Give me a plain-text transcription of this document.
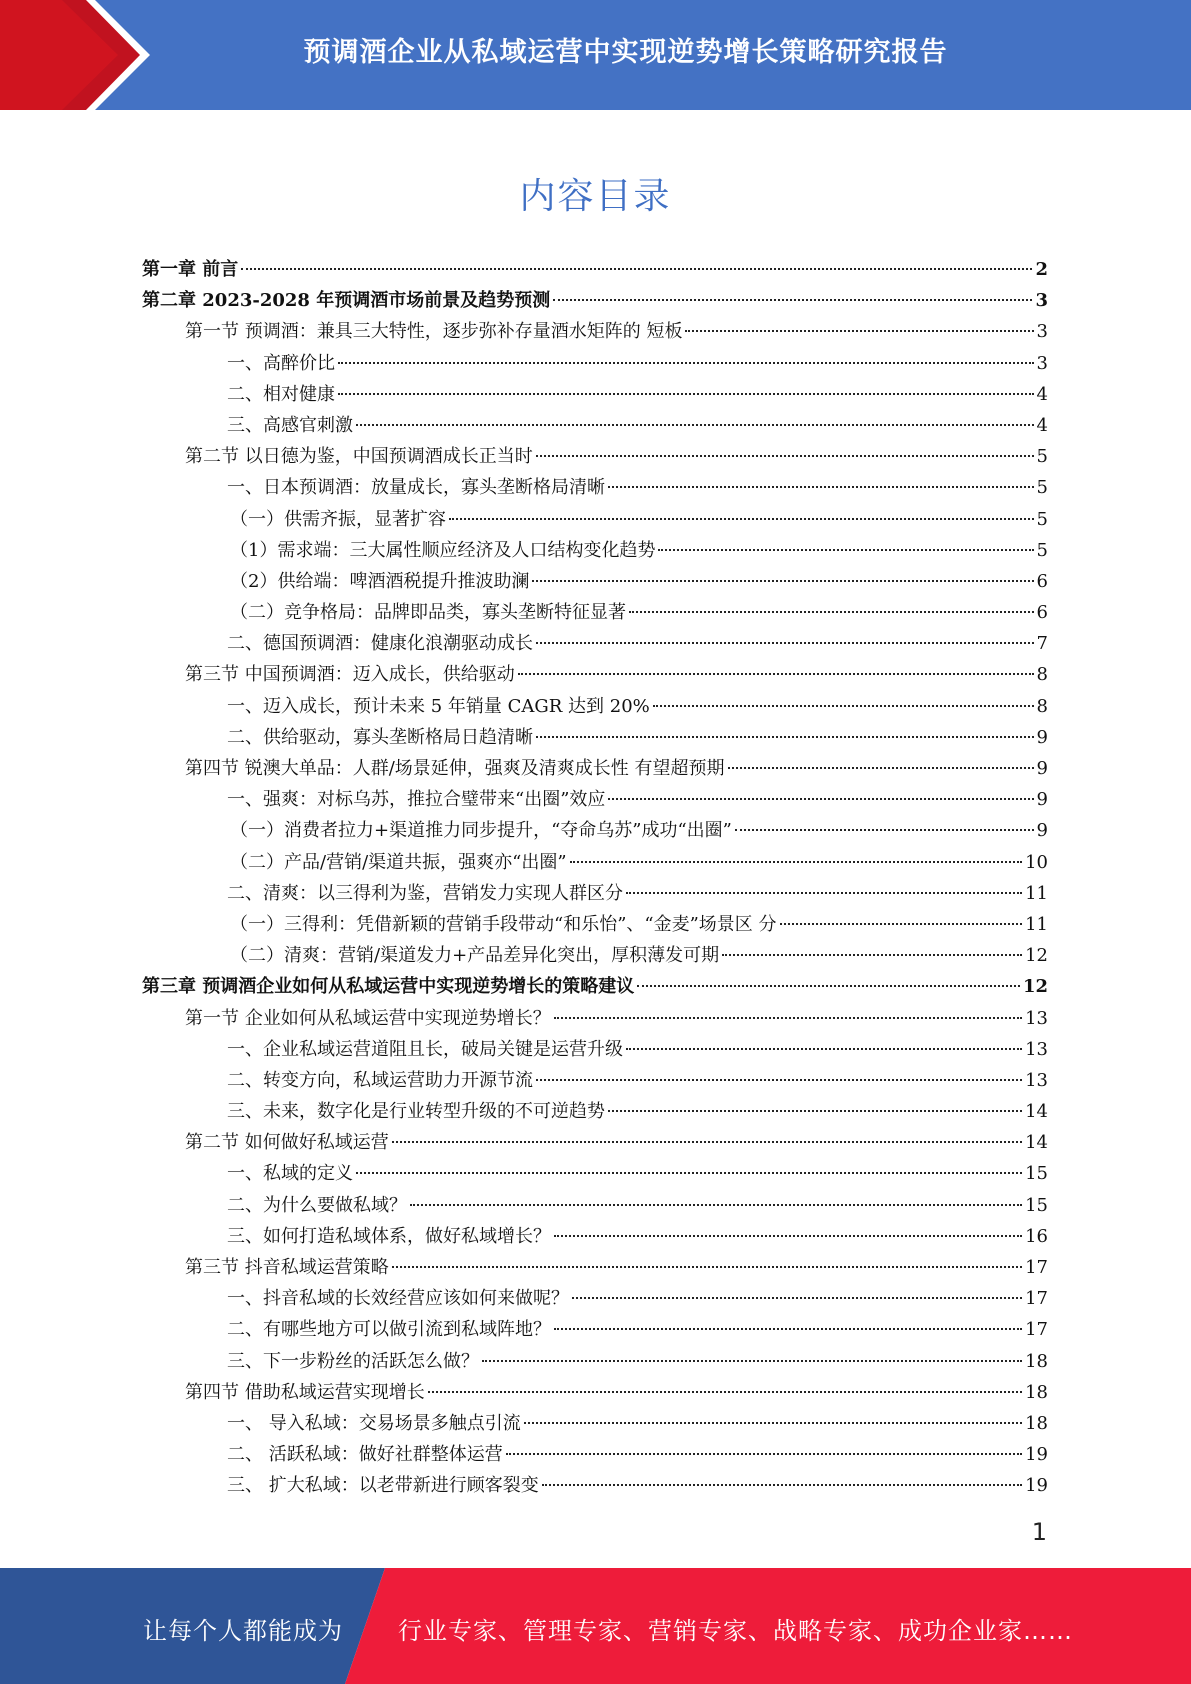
预调酒企业从私域运营中实现逆势增长策略研究报告
内容目录
第一章 前言	2
第二章 2023-2028 年预调酒市场前景及趋势预测	3
第一节 预调酒：兼具三大特性，逐步弥补存量酒水矩阵的 短板	3
一、高醉价比	3
二、相对健康	4
三、高感官刺激	4
第二节 以日德为鉴，中国预调酒成长正当时	5
一、日本预调酒：放量成长，寡头垄断格局清晰	5
（一）供需齐振，显著扩容	5
（1）需求端：三大属性顺应经济及人口结构变化趋势	5
（2）供给端：啤酒酒税提升推波助澜	6
（二）竞争格局：品牌即品类，寡头垄断特征显著	6
二、德国预调酒：健康化浪潮驱动成长	7
第三节 中国预调酒：迈入成长，供给驱动	8
一、迈入成长，预计未来 5 年销量 CAGR 达到 20%	8
二、供给驱动，寡头垄断格局日趋清晰	9
第四节 锐澳大单品：人群/场景延伸，强爽及清爽成长性 有望超预期	9
一、强爽：对标乌苏，推拉合璧带来“出圈”效应	9
（一）消费者拉力+渠道推力同步提升，“夺命乌苏”成功“出圈”	9
（二）产品/营销/渠道共振，强爽亦“出圈”	10
二、清爽：以三得利为鉴，营销发力实现人群区分	11
（一）三得利：凭借新颖的营销手段带动“和乐怡”、“金麦”场景区 分	11
（二）清爽：营销/渠道发力+产品差异化突出，厚积薄发可期	12
第三章 预调酒企业如何从私域运营中实现逆势增长的策略建议	12
第一节 企业如何从私域运营中实现逆势增长？	13
一、企业私域运营道阻且长，破局关键是运营升级	13
二、转变方向，私域运营助力开源节流	13
三、未来，数字化是行业转型升级的不可逆趋势	14
第二节 如何做好私域运营	14
一、私域的定义	15
二、为什么要做私域？	15
三、如何打造私域体系，做好私域增长？	16
第三节 抖音私域运营策略	17
一、抖音私域的长效经营应该如何来做呢？	17
二、有哪些地方可以做引流到私域阵地？	17
三、下一步粉丝的活跃怎么做？	18
第四节 借助私域运营实现增长	18
一、 导入私域：交易场景多触点引流	18
二、 活跃私域：做好社群整体运营	19
三、 扩大私域：以老带新进行顾客裂变	19
1
让每个人都能成为 行业专家、管理专家、营销专家、战略专家、成功企业家……
